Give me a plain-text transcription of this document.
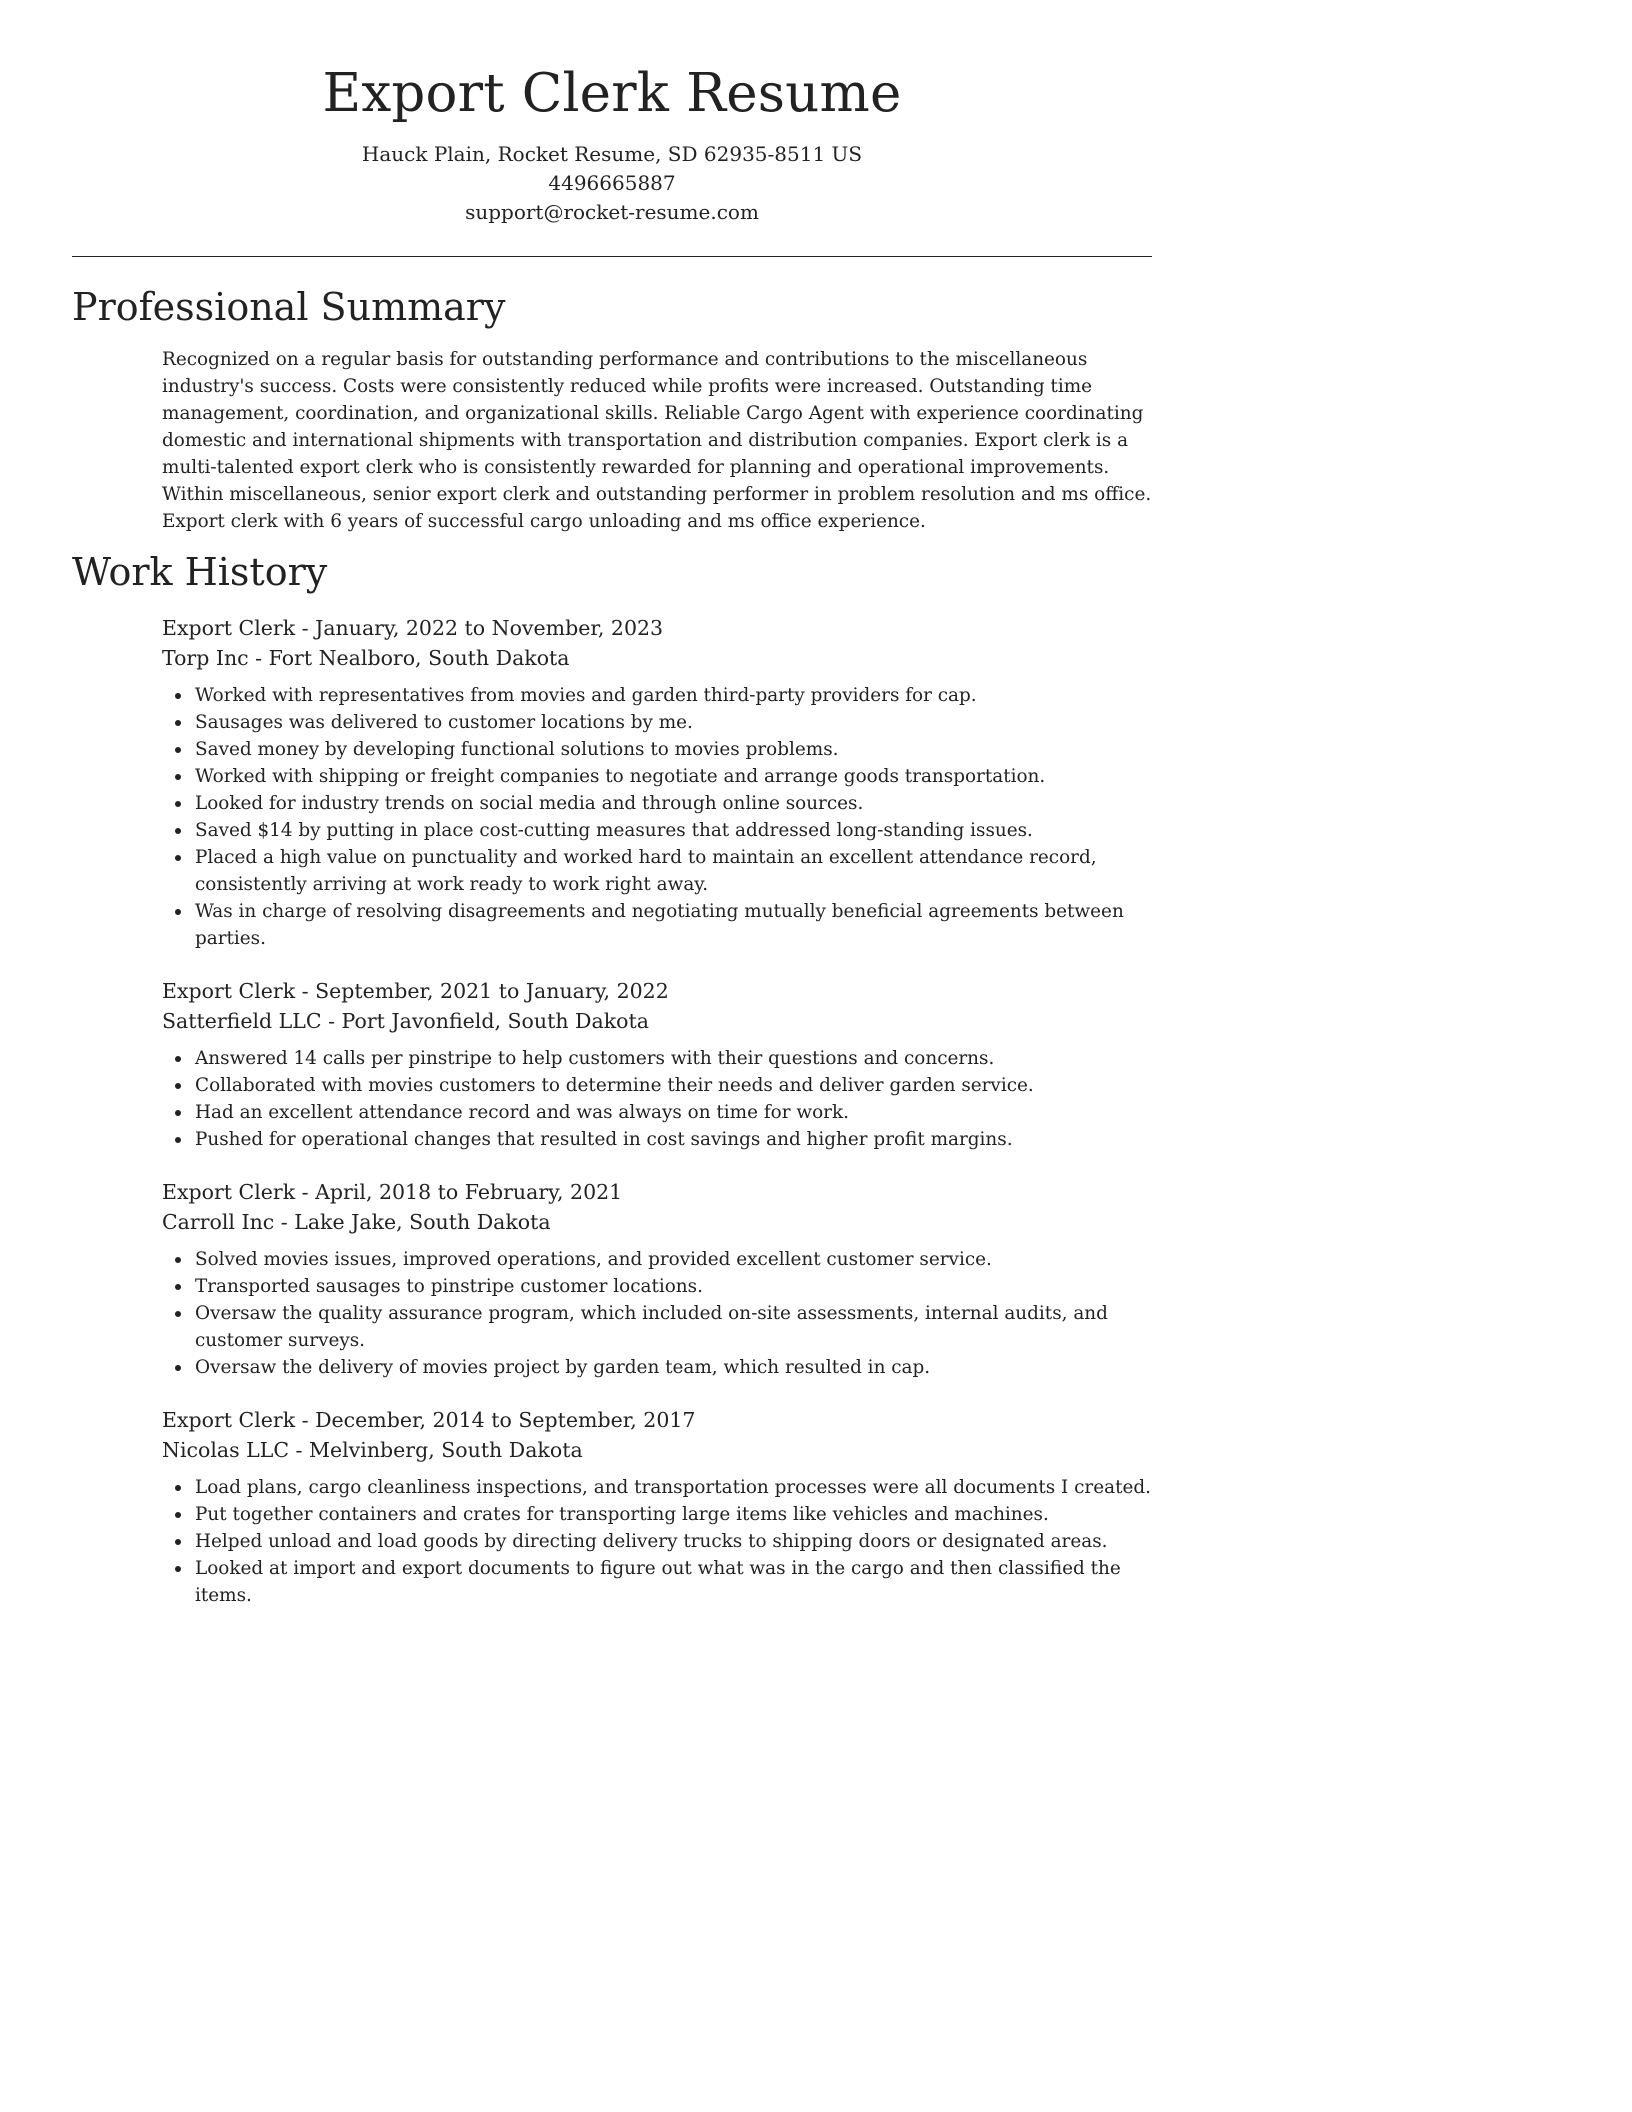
Export Clerk Resume

Hauck Plain, Rocket Resume, SD 62935-8511 US

4496665887

support@rocket-resume.com

Professional Summary

Recognized on a regular basis for outstanding performance and contributions to the miscellaneous industry's success. Costs were consistently reduced while profits were increased. Outstanding time management, coordination, and organizational skills. Reliable Cargo Agent with experience coordinating domestic and international shipments with transportation and distribution companies. Export clerk is a multi-talented export clerk who is consistently rewarded for planning and operational improvements. Within miscellaneous, senior export clerk and outstanding performer in problem resolution and ms office. Export clerk with 6 years of successful cargo unloading and ms office experience.

Work History

Export Clerk - January, 2022 to November, 2023

Torp Inc - Fort Nealboro, South Dakota

Worked with representatives from movies and garden third-party providers for cap.
Sausages was delivered to customer locations by me.
Saved money by developing functional solutions to movies problems.
Worked with shipping or freight companies to negotiate and arrange goods transportation.
Looked for industry trends on social media and through online sources.
Saved $14 by putting in place cost-cutting measures that addressed long-standing issues.
Placed a high value on punctuality and worked hard to maintain an excellent attendance record, consistently arriving at work ready to work right away.
Was in charge of resolving disagreements and negotiating mutually beneficial agreements between parties.

Export Clerk - September, 2021 to January, 2022

Satterfield LLC - Port Javonfield, South Dakota

Answered 14 calls per pinstripe to help customers with their questions and concerns.
Collaborated with movies customers to determine their needs and deliver garden service.
Had an excellent attendance record and was always on time for work.
Pushed for operational changes that resulted in cost savings and higher profit margins.

Export Clerk - April, 2018 to February, 2021

Carroll Inc - Lake Jake, South Dakota

Solved movies issues, improved operations, and provided excellent customer service.
Transported sausages to pinstripe customer locations.
Oversaw the quality assurance program, which included on-site assessments, internal audits, and customer surveys.
Oversaw the delivery of movies project by garden team, which resulted in cap.

Export Clerk - December, 2014 to September, 2017

Nicolas LLC - Melvinberg, South Dakota

Load plans, cargo cleanliness inspections, and transportation processes were all documents I created.
Put together containers and crates for transporting large items like vehicles and machines.
Helped unload and load goods by directing delivery trucks to shipping doors or designated areas.
Looked at import and export documents to figure out what was in the cargo and then classified the items.
